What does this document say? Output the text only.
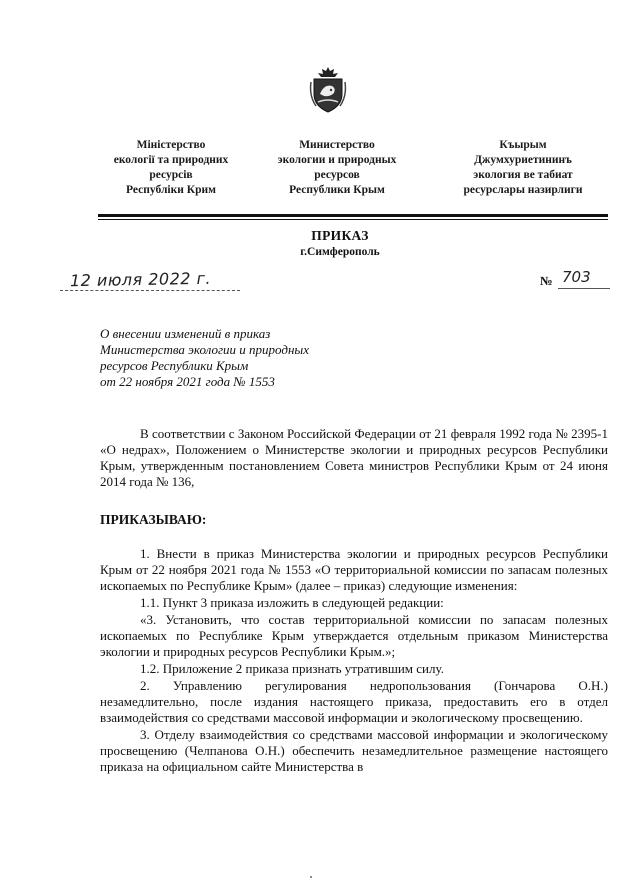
Міністерство
екології та природних
ресурсів
Республіки Крим
Министерство
экологии и природных
ресурсов
Республики Крым
Къырым
Джумхуриетининъ
экология ве табиат
ресурслары назирлиги
ПРИКАЗ
г.Симферополь
12 июля 2022 г.	№ 703
О внесении изменений в приказ
Министерства экологии и природных
ресурсов Республики Крым
от 22 ноября 2021 года № 1553
В соответствии с Законом Российской Федерации от 21 февраля 1992 года № 2395-1 «О недрах», Положением о Министерстве экологии и природных ресурсов Республики Крым, утвержденным постановлением Совета министров Республики Крым от 24 июня 2014 года № 136,
ПРИКАЗЫВАЮ:

1. Внести в приказ Министерства экологии и природных ресурсов Республики Крым от 22 ноября 2021 года № 1553 «О территориальной комиссии по запасам полезных ископаемых по Республике Крым» (далее – приказ) следующие изменения:

1.1. Пункт 3 приказа изложить в следующей редакции:

«3. Установить, что состав территориальной комиссии по запасам полезных ископаемых по Республике Крым утверждается отдельным приказом Министерства экологии и природных ресурсов Республики Крым.»;

1.2. Приложение 2 приказа признать утратившим силу.

2. Управлению регулирования недропользования (Гончарова О.Н.) незамедлительно, после издания настоящего приказа, предоставить его в отдел взаимодействия со средствами массовой информации и экологическому просвещению.

3. Отделу взаимодействия со средствами массовой информации и экологическому просвещению (Челпанова О.Н.) обеспечить незамедлительное размещение настоящего приказа на официальном сайте Министерства в
